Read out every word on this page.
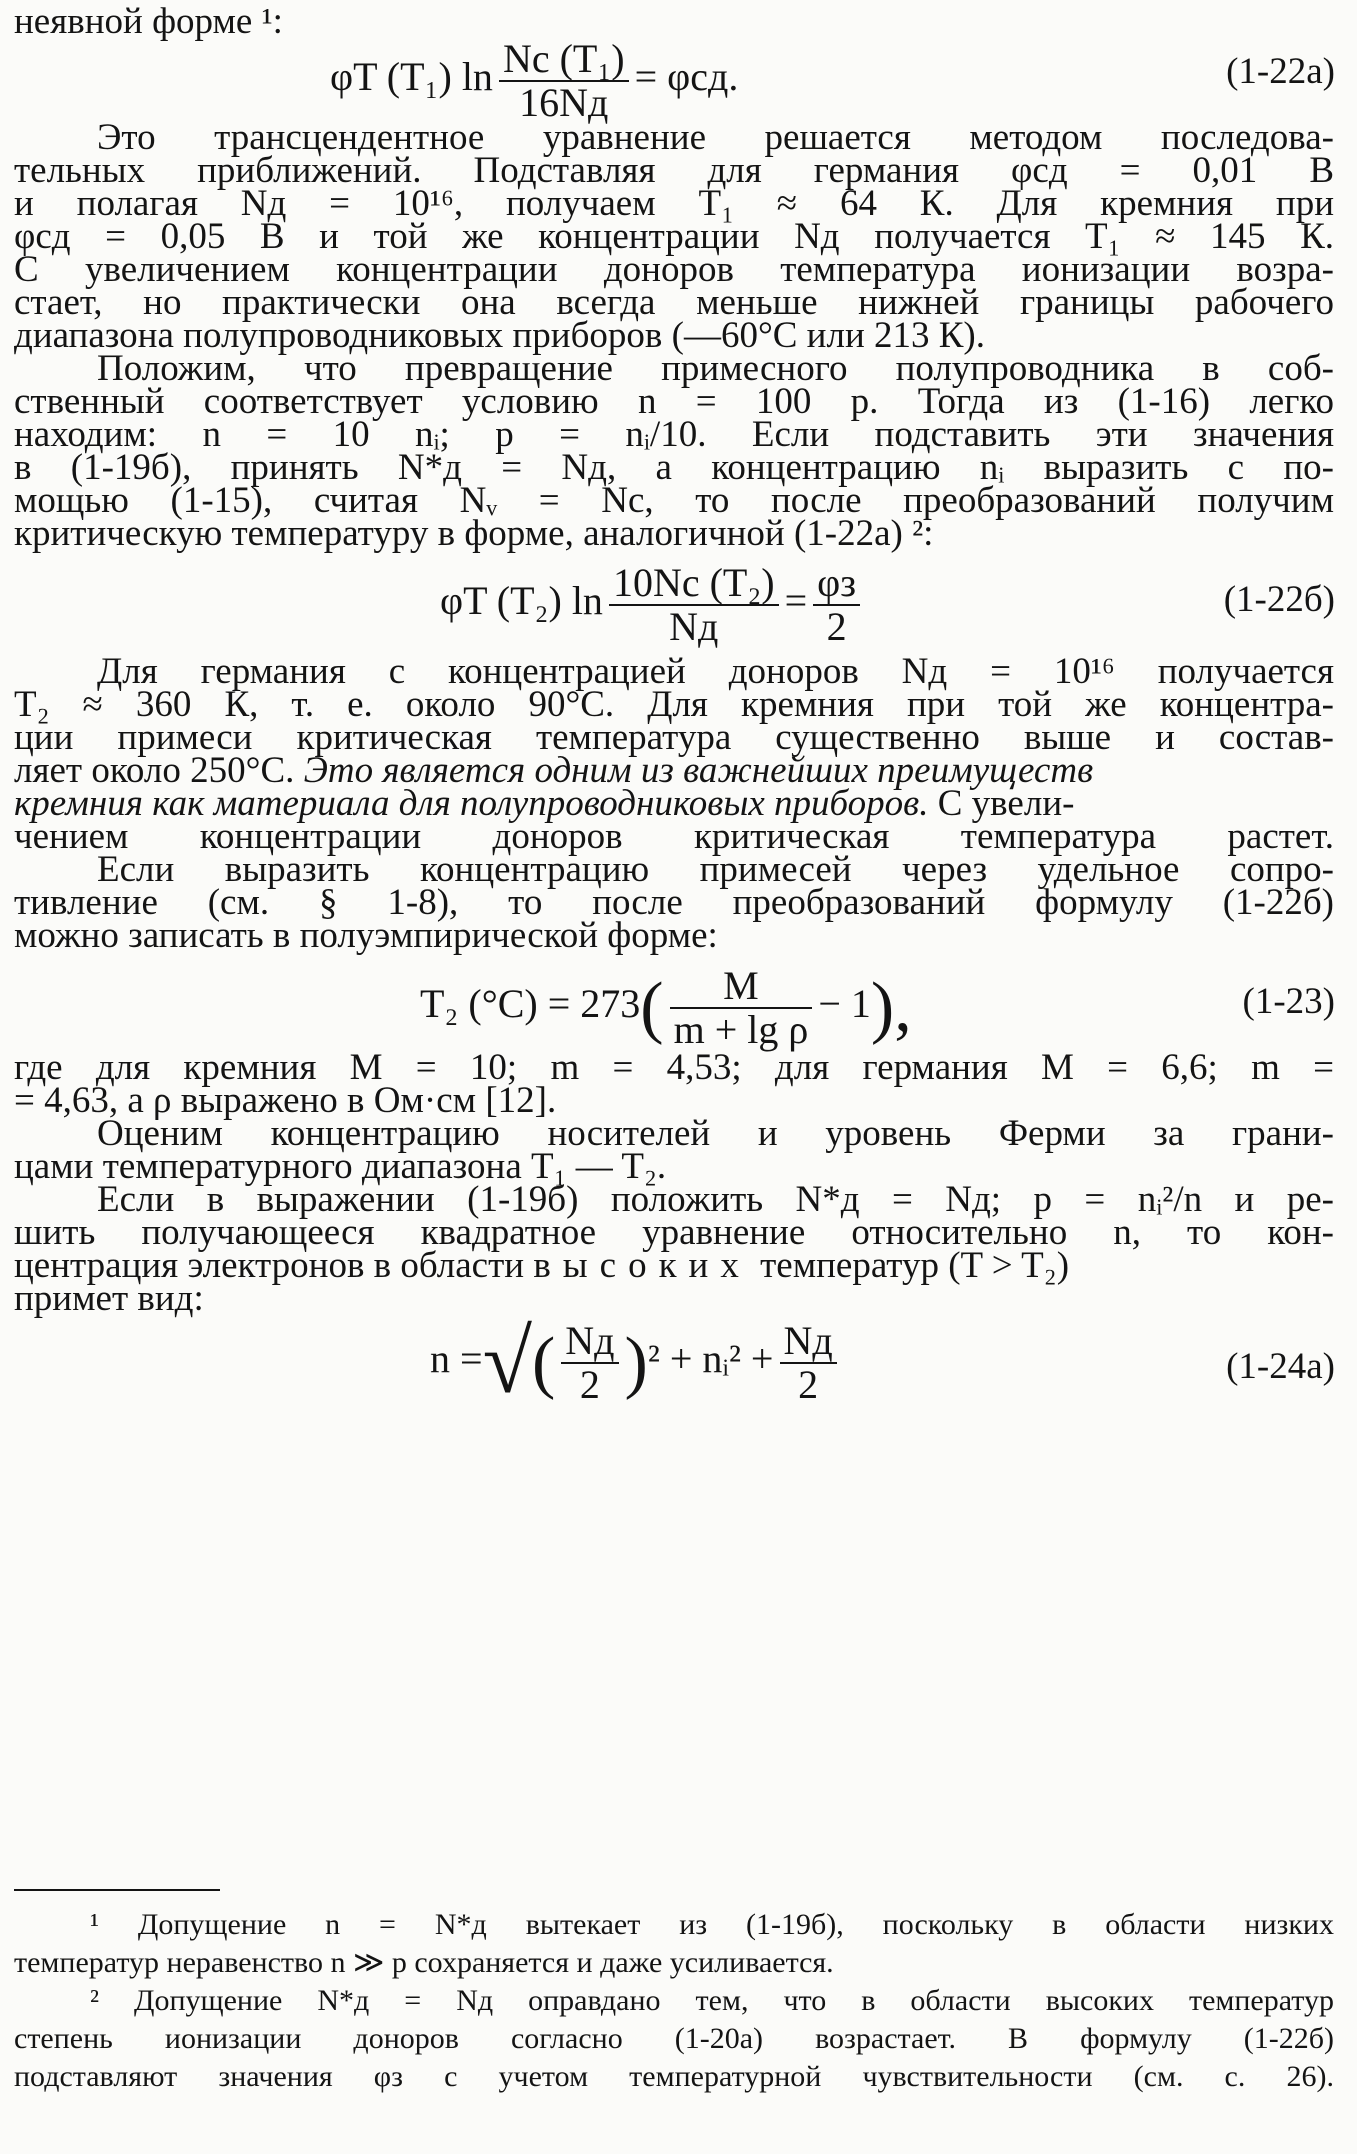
неявной форме ¹:
φT (T₁) $\ln \frac{\text{Nc (T₁)}}{16Nд} = \varphi сд$.	(1-22а)
Это трансцендентное уравнение решается методом последова-
тельных приближений. Подставляя для германия φсд = 0,01 В
и полагая Nд = 10¹⁶, получаем T₁ ≈ 64 К. Для кремния при
φсд = 0,05 В и той же концентрации Nд получается T₁ ≈ 145 К.
С увеличением концентрации доноров температура ионизации возра-
стает, но практически она всегда меньше нижней границы рабочего
диапазона полупроводниковых приборов (—60°С или 213 К).
Положим, что превращение примесного полупроводника в соб-
ственный соответствует условию n = 100 p. Тогда из (1-16) легко
находим: n = 10 nᵢ; p = nᵢ/10. Если подставить эти значения
в (1-19б), принять N*д = Nд, а концентрацию nᵢ выразить с по-
мощью (1-15), считая Nᵥ = Nc, то после преобразований получим
критическую температуру в форме, аналогичной (1-22а) ²:
φT (T₂) $\ln \frac{\text{10Nc (T₂)}}{Nд} = \frac{\varphi з}{2}$	(1-22б)
Для германия с концентрацией доноров Nд = 10¹⁶ получается
T₂ ≈ 360 К, т. е. около 90°С. Для кремния при той же концентра-
ции примеси критическая температура существенно выше и состав-
ляет около 250°С. Это является одним из важнейших преимуществ
кремния как материала для полупроводниковых приборов. С увели-
чением концентрации доноров критическая температура растет.
Если выразить концентрацию примесей через удельное сопро-
тивление (см. § 1-8), то после преобразований формулу (1-22б)
можно записать в полуэмпирической форме:
T₂ $(^\circ С) = 273( \frac{M}{\text{m + lg ρ}} - 1)$,	(1-23)
где для кремния M = 10; m = 4,53; для германия M = 6,6; m =
= 4,63, а ρ выражено в Ом·см [12].
Оценим концентрацию носителей и уровень Ферми за грани-
цами температурного диапазона T₁ — T₂.
Если в выражении (1-19б) положить N*д = Nд; p = nᵢ²/n и ре-
шить получающееся квадратное уравнение относительно n, то кон-
центрация электронов в области высоких температур (T > T₂)
примет вид:
n =√( $\frac{Nд}{2} )^2$ + nᵢ² + $\frac{Nд}{2}$	(1-24а)
¹ Допущение n = N*д вытекает из (1-19б), поскольку в области низких
температур неравенство n ≫ p сохраняется и даже усиливается.
² Допущение N*д = Nд оправдано тем, что в области высоких температур
степень ионизации доноров согласно (1-20а) возрастает. В формулу (1-22б)
подставляют значения φз с учетом температурной чувствительности (см. с. 26).
